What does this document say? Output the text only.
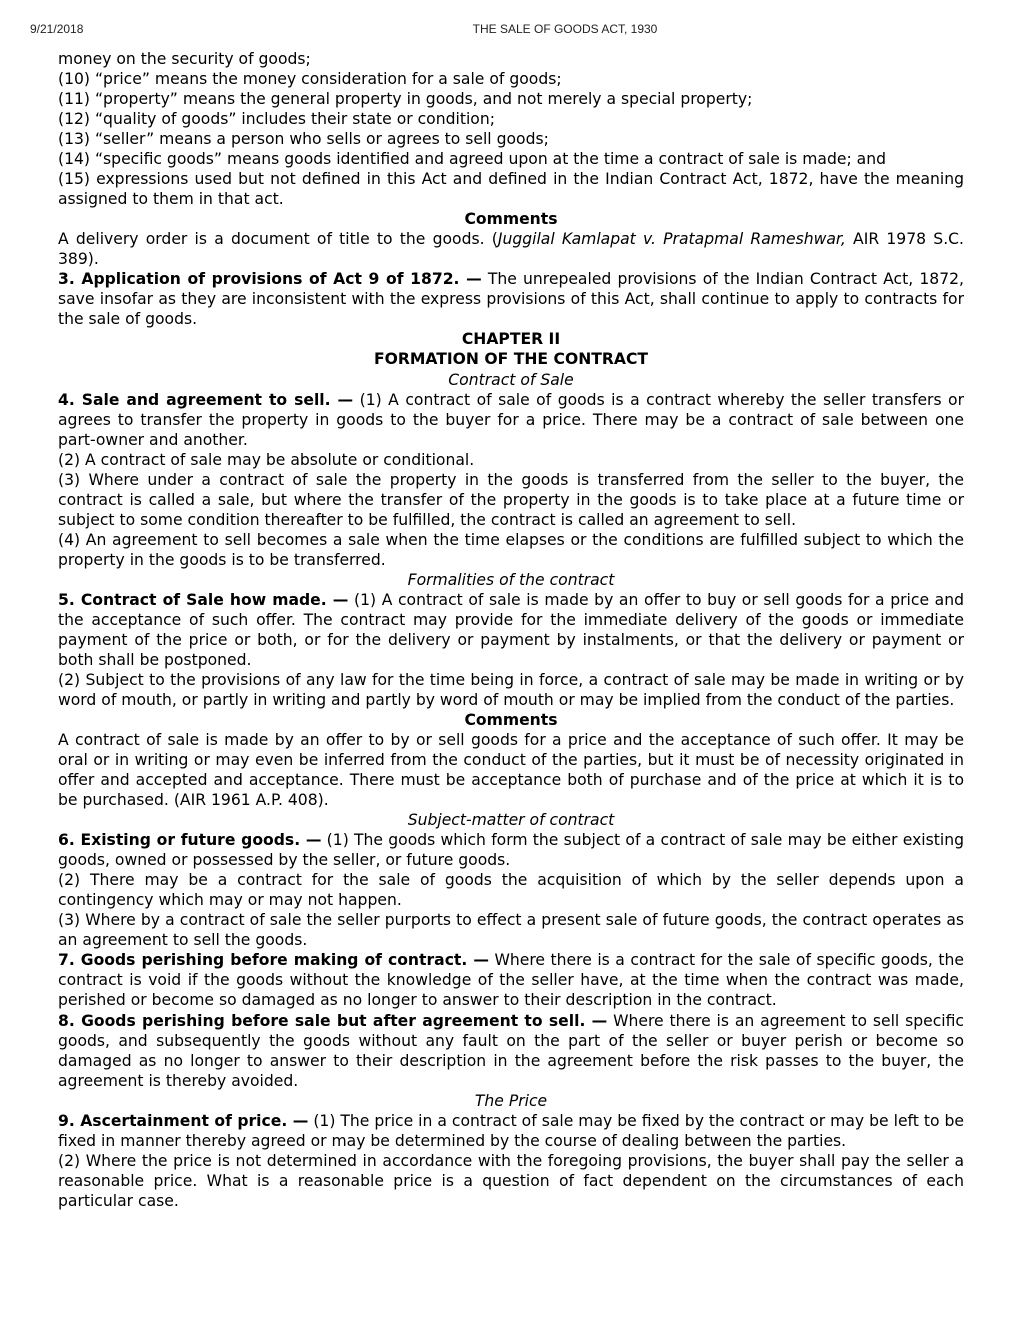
9/21/2018	THE SALE OF GOODS ACT, 1930

money on the security of goods;

(10) “price” means the money consideration for a sale of goods;

(11) “property” means the general property in goods, and not merely a special property;

(12) “quality of goods” includes their state or condition;

(13) “seller” means a person who sells or agrees to sell goods;

(14) “specific goods” means goods identified and agreed upon at the time a contract of sale is made; and

(15) expressions used but not defined in this Act and defined in the Indian Contract Act, 1872, have the meaning assigned to them in that act.

Comments

A delivery order is a document of title to the goods. (Juggilal Kamlapat v. Pratapmal Rameshwar, AIR 1978 S.C. 389).

3. Application of provisions of Act 9 of 1872. — The unrepealed provisions of the Indian Contract Act, 1872, save insofar as they are inconsistent with the express provisions of this Act, shall continue to apply to contracts for the sale of goods.

CHAPTER II

FORMATION OF THE CONTRACT

Contract of Sale

4. Sale and agreement to sell. — (1) A contract of sale of goods is a contract whereby the seller transfers or agrees to transfer the property in goods to the buyer for a price. There may be a contract of sale between one part-owner and another.

(2) A contract of sale may be absolute or conditional.

(3) Where under a contract of sale the property in the goods is transferred from the seller to the buyer, the contract is called a sale, but where the transfer of the property in the goods is to take place at a future time or subject to some condition thereafter to be fulfilled, the contract is called an agreement to sell.

(4) An agreement to sell becomes a sale when the time elapses or the conditions are fulfilled subject to which the property in the goods is to be transferred.

Formalities of the contract

5. Contract of Sale how made. — (1) A contract of sale is made by an offer to buy or sell goods for a price and the acceptance of such offer. The contract may provide for the immediate delivery of the goods or immediate payment of the price or both, or for the delivery or payment by instalments, or that the delivery or payment or both shall be postponed.

(2) Subject to the provisions of any law for the time being in force, a contract of sale may be made in writing or by word of mouth, or partly in writing and partly by word of mouth or may be implied from the conduct of the parties.

Comments

A contract of sale is made by an offer to by or sell goods for a price and the acceptance of such offer. It may be oral or in writing or may even be inferred from the conduct of the parties, but it must be of necessity originated in offer and accepted and acceptance. There must be acceptance both of purchase and of the price at which it is to be purchased. (AIR 1961 A.P. 408).

Subject-matter of contract

6. Existing or future goods. — (1) The goods which form the subject of a contract of sale may be either existing goods, owned or possessed by the seller, or future goods.

(2) There may be a contract for the sale of goods the acquisition of which by the seller depends upon a contingency which may or may not happen.

(3) Where by a contract of sale the seller purports to effect a present sale of future goods, the contract operates as an agreement to sell the goods.

7. Goods perishing before making of contract. — Where there is a contract for the sale of specific goods, the contract is void if the goods without the knowledge of the seller have, at the time when the contract was made, perished or become so damaged as no longer to answer to their description in the contract.

8. Goods perishing before sale but after agreement to sell. — Where there is an agreement to sell specific goods, and subsequently the goods without any fault on the part of the seller or buyer perish or become so damaged as no longer to answer to their description in the agreement before the risk passes to the buyer, the agreement is thereby avoided.

The Price

9. Ascertainment of price. — (1) The price in a contract of sale may be fixed by the contract or may be left to be fixed in manner thereby agreed or may be determined by the course of dealing between the parties.

(2) Where the price is not determined in accordance with the foregoing provisions, the buyer shall pay the seller a reasonable price. What is a reasonable price is a question of fact dependent on the circumstances of each particular case.
